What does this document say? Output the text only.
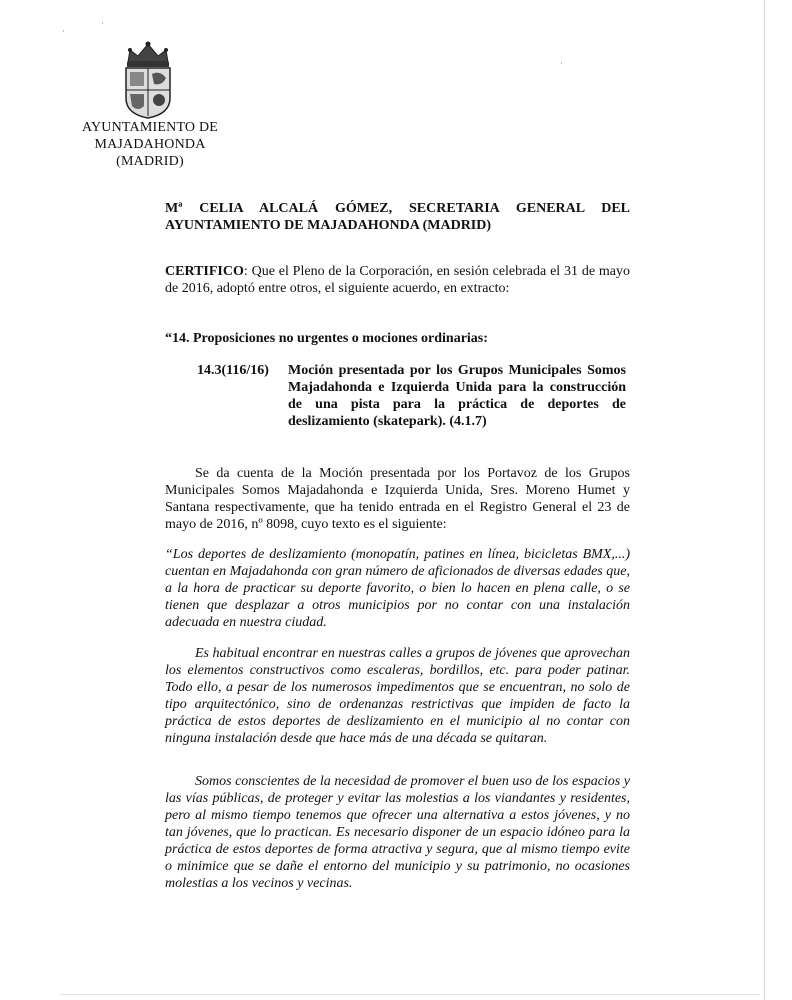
·
·
·
AYUNTAMIENTO DE
MAJADAHONDA
(MADRID)
Mª CELIA ALCALÁ GÓMEZ, SECRETARIA GENERAL DEL
AYUNTAMIENTO DE MAJADAHONDA (MADRID)
CERTIFICO: Que el Pleno de la Corporación, en sesión celebrada el 31 de mayo de 2016, adoptó entre otros, el siguiente acuerdo, en extracto:
“14. Proposiciones no urgentes o mociones ordinarias:
14.3(116/16) Moción presentada por los Grupos Municipales Somos Majadahonda e Izquierda Unida para la construcción de una pista para la práctica de deportes de deslizamiento (skatepark). (4.1.7)
Se da cuenta de la Moción presentada por los Portavoz de los Grupos Municipales Somos Majadahonda e Izquierda Unida, Sres. Moreno Humet y Santana respectivamente, que ha tenido entrada en el Registro General el 23 de mayo de 2016, nº 8098, cuyo texto es el siguiente:
“Los deportes de deslizamiento (monopatín, patines en línea, bicicletas BMX,...) cuentan en Majadahonda con gran número de aficionados de diversas edades que, a la hora de practicar su deporte favorito, o bien lo hacen en plena calle, o se tienen que desplazar a otros municipios por no contar con una instalación adecuada en nuestra ciudad.
Es habitual encontrar en nuestras calles a grupos de jóvenes que aprovechan los elementos constructivos como escaleras, bordillos, etc. para poder patinar. Todo ello, a pesar de los numerosos impedimentos que se encuentran, no solo de tipo arquitectónico, sino de ordenanzas restrictivas que impiden de facto la práctica de estos deportes de deslizamiento en el municipio al no contar con ninguna instalación desde que hace más de una década se quitaran.
Somos conscientes de la necesidad de promover el buen uso de los espacios y las vías públicas, de proteger y evitar las molestias a los viandantes y residentes, pero al mismo tiempo tenemos que ofrecer una alternativa a estos jóvenes, y no tan jóvenes, que lo practican. Es necesario disponer de un espacio idóneo para la práctica de estos deportes de forma atractiva y segura, que al mismo tiempo evite o minimice que se dañe el entorno del municipio y su patrimonio, no ocasiones molestias a los vecinos y vecinas.
